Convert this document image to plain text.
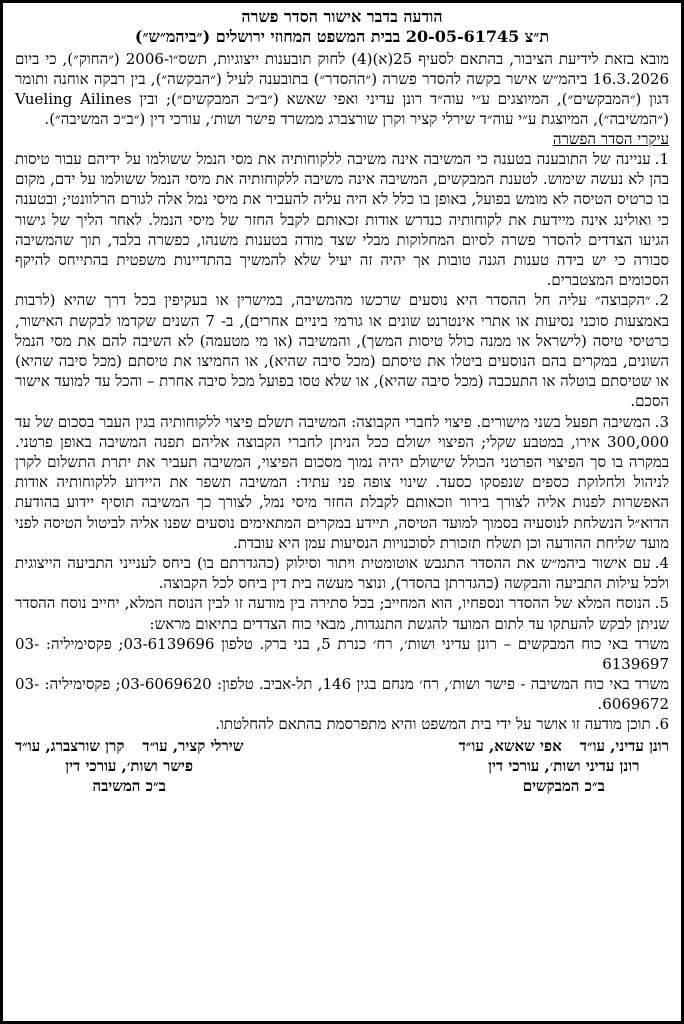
הודעה בדבר אישור הסדר פשרה

ת״צ 20-05-61745 בבית המשפט המחוזי ירושלים (״ביהמ״ש״)

מובא בזאת לידיעת הציבור, בהתאם לסעיף 25(א)(4) לחוק תובענות ייצוגיות, תשס״ו-2006 (״החוק״), כי ביום 16.3.2026 ביהמ״ש אישר בקשה להסדר פשרה (״ההסדר״) בתובענה לעיל (״הבקשה״), בין רבקה אוחנה ותומר דגון (״המבקשים״), המיוצגים ע״י עוה״ד רונן עדיני ואפי שאשא (״ב״כ המבקשים״); ובין Vueling Ailines (״המשיבה״), המיוצגת ע״י עוה״ד שירלי קציר וקרן שורצברג ממשרד פישר ושות׳, עורכי דין (״ב״כ המשיבה״).

עיקרי הסדר הפשרה

1.עניינה של התובענה בטענה כי המשיבה אינה משיבה ללקוחותיה את מסי הנמל ששולמו על ידיהם עבור טיסות בהן לא נעשה שימוש. לטענת המבקשים, המשיבה אינה משיבה ללקוחותיה את מיסי הנמל ששולמו על ידם, מקום בו כרטיס הטיסה לא מומש בפועל, באופן בו כלל לא היה עליה להעביר את מיסי נמל אלה לגורם הרלוונטי; ובטענה כי ואולינג אינה מיידעת את לקוחותיה כנדרש אודות זכאותם לקבל החזר של מיסי הנמל. לאחר הליך של גישור הגיעו הצדדים להסדר פשרה לסיום המחלוקות מבלי שצד מודה בטענות משנהו, כפשרה בלבד, תוך שהמשיבה סבורה כי יש בידה טענות הגנה טובות אך יהיה זה יעיל שלא להמשיך בהתדיינות משפטית בהתייחס להיקף הסכומים המצטברים.
2.״הקבוצה״ עליה חל ההסדר היא נוסעים שרכשו מהמשיבה, במישרין או בעקיפין בכל דרך שהיא (לרבות באמצעות סוכני נסיעות או אתרי אינטרנט שונים או גורמי ביניים אחרים), ב- 7 השנים שקדמו לבקשת האישור, כרטיסי טיסה (לישראל או ממנה כולל טיסות המשך), והמשיבה (או מי מטעמה) לא השיבה להם את מסי הנמל השונים, במקרים בהם הנוסעים ביטלו את טיסתם (מכל סיבה שהיא), או החמיצו את טיסתם (מכל סיבה שהיא) או שטיסתם בוטלה או התעכבה (מכל סיבה שהיא), או שלא טסו בפועל מכל סיבה אחרת – והכל עד למועד אישור הסכם.
3.המשיבה תפעל בשני מישורים. פיצוי לחברי הקבוצה: המשיבה תשלם פיצוי ללקוחותיה בגין העבר בסכום של עד 300,000 אירו, במטבע שקלי; הפיצוי ישולם ככל הניתן לחברי הקבוצה אליהם תפנה המשיבה באופן פרטני. במקרה בו סך הפיצוי הפרטני הכולל שישולם יהיה נמוך מסכום הפיצוי, המשיבה תעביר את יתרת התשלום לקרן לניהול ולחלוקת כספים שנפסקו כסעד. שינוי צופה פני עתיד: המשיבה תשפר את היידוע ללקוחותיה אודות האפשרות לפנות אליה לצורך בירור וזכאותם לקבלת החזר מיסי נמל, לצורך כך המשיבה תוסיף יידוע בהודעת הדוא״ל הנשלחת לנוסעיה בסמוך למועד הטיסה, תיידע במקרים המתאימים נוסעים שפנו אליה לביטול הטיסה לפני מועד שליחת ההודעה וכן תשלח תזכורת לסוכנויות הנסיעות עמן היא עובדת.
4.עם אישור ביהמ״ש את ההסדר התגבש אוטומטית ויתור וסילוק (כהגדרתם בו) ביחס לענייני התביעה הייצוגית ולכל עילות התביעה והבקשה (כהגדרתן בהסדר), ונוצר מעשה בית דין ביחס לכל הקבוצה.
5.הנוסח המלא של ההסדר ונספחיו, הוא המחייב; בכל סתירה בין מודעה זו לבין הנוסח המלא, יחייב נוסח ההסדר שניתן לבקש להעתקו עד לתום המועד להגשת התנגדות, מבאי כוח הצדדים בתיאום מראש:

משרד באי כוח המבקשים – רונן עדיני ושות׳, רח׳ כנרת 5, בני ברק. טלפון 03-6139696; פקסימיליה: 03-6139697

משרד באי כוח המשיבה - פישר ושות׳, רח׳ מנחם בגין 146, תל-אביב. טלפון: 03-6069620; פקסימיליה: 03-6069672.

6.תוכן מודעה זו אושר על ידי בית המשפט והיא מתפרסמת בהתאם להחלטתו.

רונן עדיני, עו״ד
אפי שאשא, עו״ד
רונן עדיני ושות׳, עורכי דין
ב״כ המבקשים
שירלי קציר, עו״ד
קרן שורצברג, עו״ד
פישר ושות׳, עורכי דין
ב״כ המשיבה
